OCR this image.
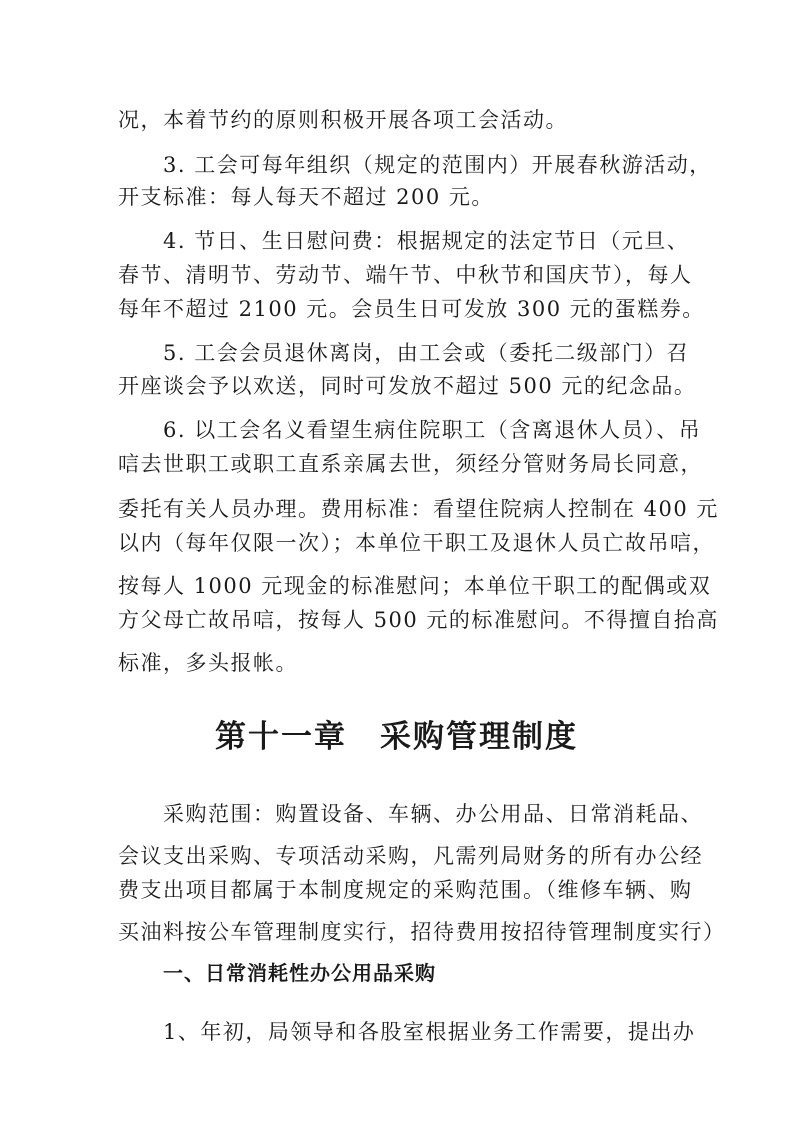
况，本着节约的原则积极开展各项工会活动。
3. 工会可每年组织（规定的范围内）开展春秋游活动，
开支标准：每人每天不超过 200 元。
4. 节日、生日慰问费：根据规定的法定节日（元旦、
春节、清明节、劳动节、端午节、中秋节和国庆节），每人
每年不超过 2100 元。会员生日可发放 300 元的蛋糕券。
5. 工会会员退休离岗，由工会或（委托二级部门）召
开座谈会予以欢送，同时可发放不超过 500 元的纪念品。
6. 以工会名义看望生病住院职工（含离退休人员）、吊
唁去世职工或职工直系亲属去世，须经分管财务局长同意，
委托有关人员办理。费用标准：看望住院病人控制在 400 元
以内（每年仅限一次）；本单位干职工及退休人员亡故吊唁，
按每人 1000 元现金的标准慰问；本单位干职工的配偶或双
方父母亡故吊唁，按每人 500 元的标准慰问。不得擅自抬高
标准，多头报帐。
第十一章　采购管理制度
采购范围：购置设备、车辆、办公用品、日常消耗品、
会议支出采购、专项活动采购，凡需列局财务的所有办公经
费支出项目都属于本制度规定的采购范围。（维修车辆、购
买油料按公车管理制度实行，招待费用按招待管理制度实行）
一、日常消耗性办公用品采购
1、年初，局领导和各股室根据业务工作需要，提出办
